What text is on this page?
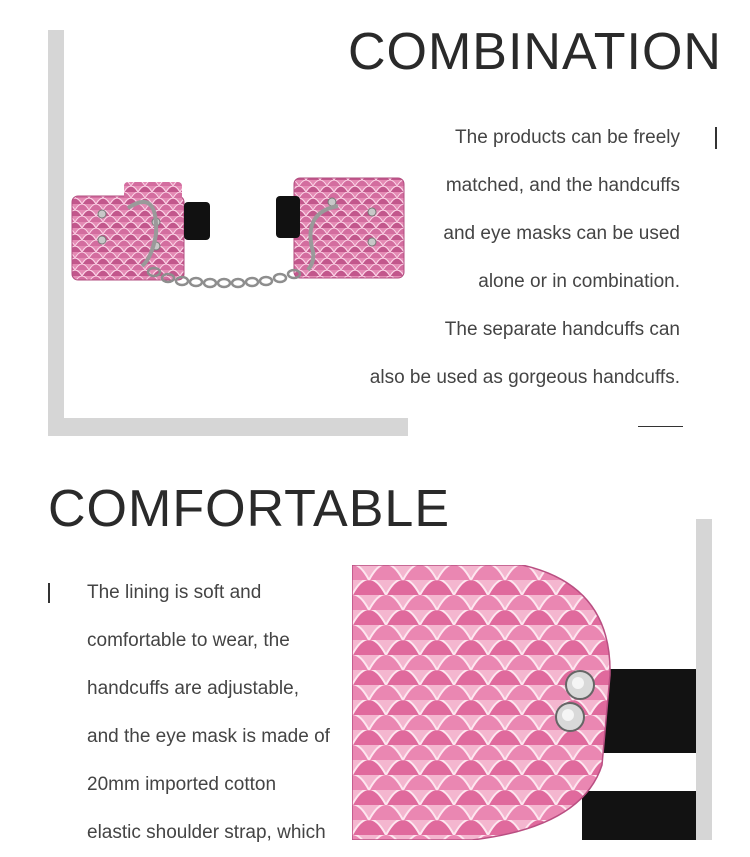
COMBINATION
The products can be freely
matched, and the handcuffs
and eye masks can be used
alone or in combination.
The separate handcuffs can
also be used as gorgeous handcuffs.
COMFORTABLE
The lining is soft and
comfortable to wear, the
handcuffs are adjustable,
and the eye mask is made of
20mm imported cotton
elastic shoulder strap, which
